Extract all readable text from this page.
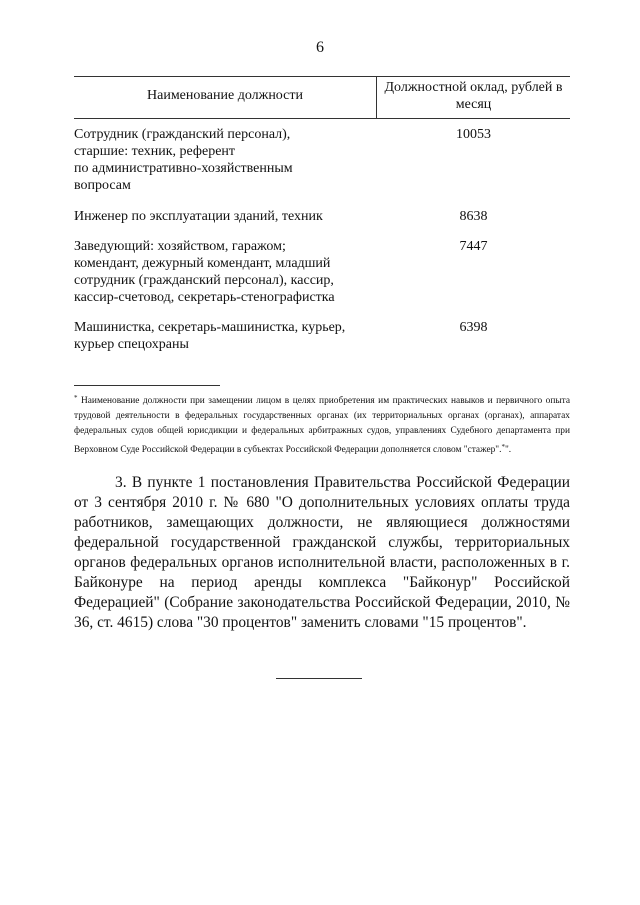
6
Наименование должности
Должностной оклад, рублей в месяц
Сотрудник (гражданский персонал),
старшие: техник, референт
по административно-хозяйственным
вопросам
10053
Инженер по эксплуатации зданий, техник	8638
Заведующий: хозяйством, гаражом;
комендант, дежурный комендант, младший
сотрудник (гражданский персонал), кассир,
кассир-счетовод, секретарь-стенографистка
7447
Машинистка, секретарь-машинистка, курьер,
курьер спецохраны
6398
* Наименование должности при замещении лицом в целях приобретения им практических навыков и первичного опыта трудовой деятельности в федеральных государственных органах (их территориальных органах (органах), аппаратах федеральных судов общей юрисдикции и федеральных арбитражных судов, управлениях Судебного департамента при Верховном Суде Российской Федерации в субъектах Российской Федерации дополняется словом "стажер".*".
3. В пункте 1 постановления Правительства Российской Федерации от 3 сентября 2010 г. № 680 "О дополнительных условиях оплаты труда работников, замещающих должности, не являющиеся должностями федеральной государственной гражданской службы, территориальных органов федеральных органов исполнительной власти, расположенных в г. Байконуре на период аренды комплекса "Байконур" Российской Федерацией" (Собрание законодательства Российской Федерации, 2010, № 36, ст. 4615) слова "30 процентов" заменить словами "15 процентов".
